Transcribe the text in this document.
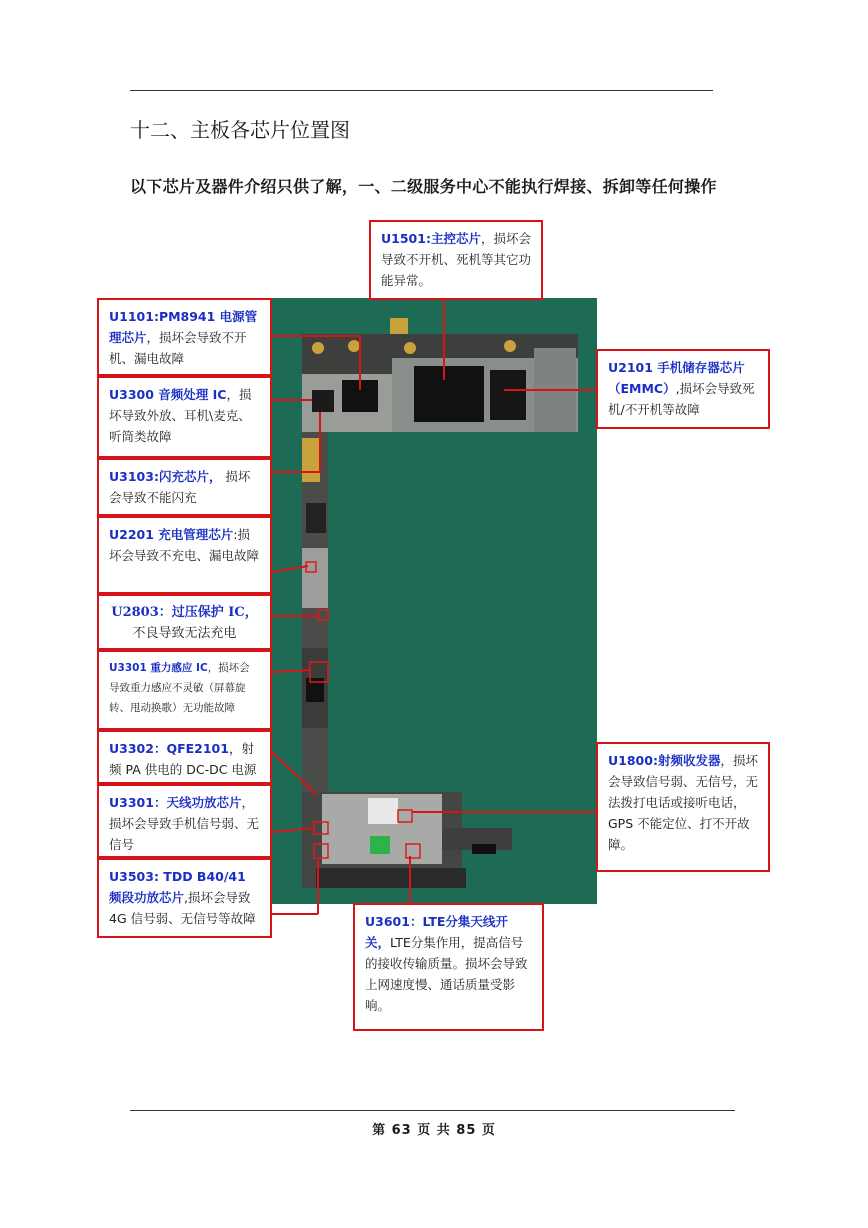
十二、主板各芯片位置图
以下芯片及器件介绍只供了解，一、二级服务中心不能执行焊接、拆卸等任何操作
U1501:主控芯片，损坏会导致不开机、死机等其它功能异常。
U1101:PM8941 电源管理芯片，损坏会导致不开机、漏电故障
U2101 手机储存器芯片（EMMC）,损坏会导致死机/不开机等故障
U3300 音频处理 IC，损坏导致外放、耳机\麦克、听筒类故障
U3103:闪充芯片， 损坏会导致不能闪充
U2201 充电管理芯片:损坏会导致不充电、漏电故障
U2803：过压保护 IC，
不良导致无法充电
U3301 重力感应 IC，损坏会导致重力感应不灵敏（屏幕旋转、甩动换歌）无功能故障
U3302：QFE2101，射频 PA 供电的 DC-DC 电源
U3301：天线功放芯片，损坏会导致手机信号弱、无信号
U3503: TDD B40/41 频段功放芯片,损坏会导致 4G 信号弱、无信号等故障
U1800:射频收发器，损坏会导致信号弱、无信号，无法拨打电话或接听电话，GPS 不能定位、打不开故障。
U3601：LTE分集天线开关，LTE分集作用，提高信号的接收传输质量。损坏会导致上网速度慢、通话质量受影响。
第 63 页 共 85 页
